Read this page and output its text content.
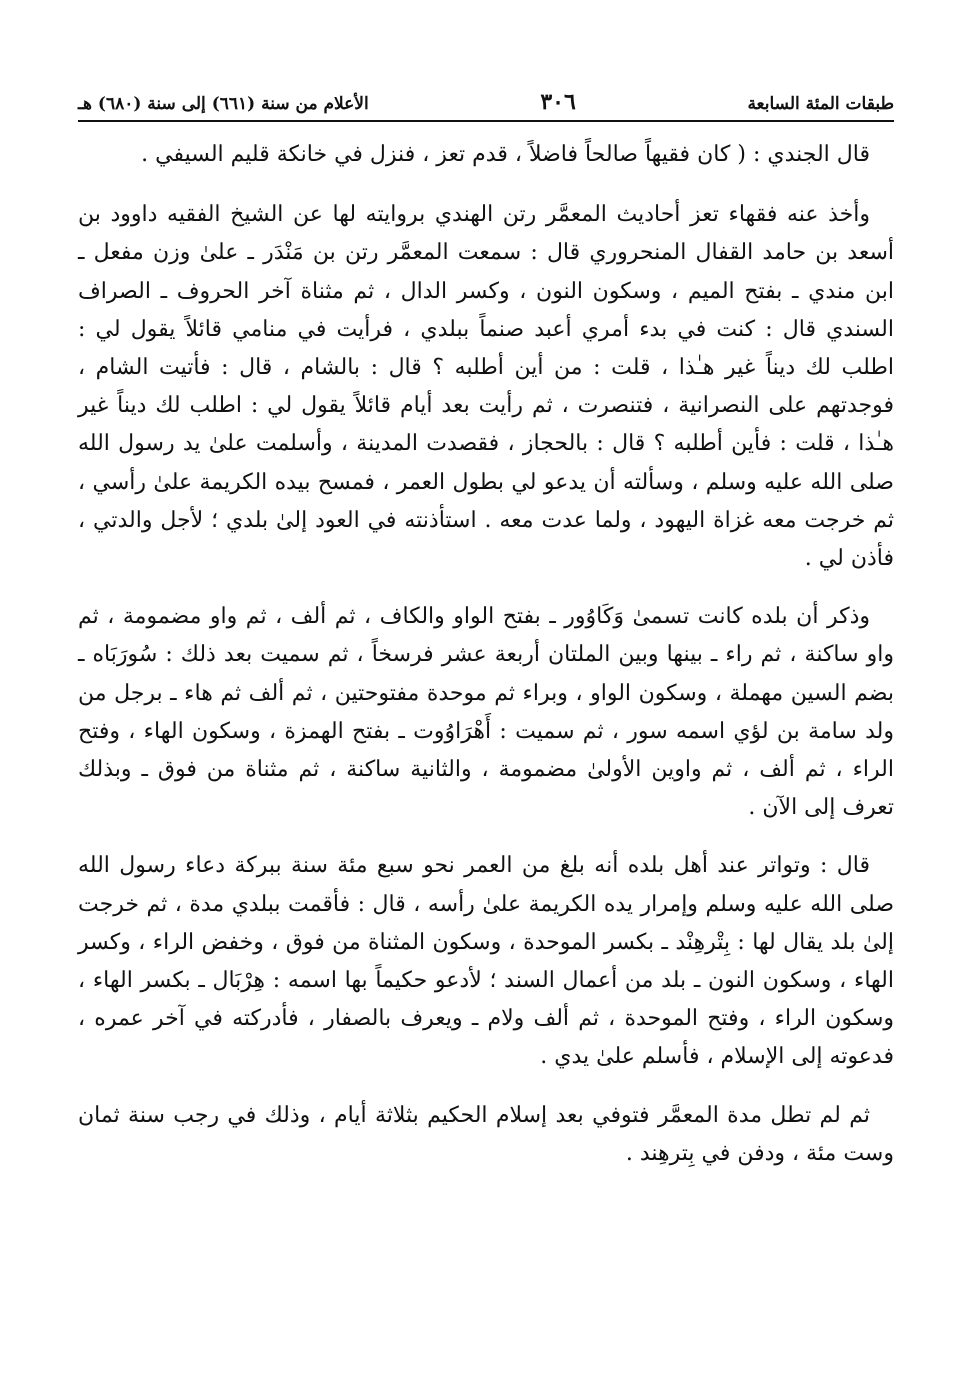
طبقات المئة السابعة
٣٠٦
الأعلام من سنة (٦٦١) إلى سنة (٦٨٠) هـ

قال الجندي : ( كان فقيهاً صالحاً فاضلاً ، قدم تعز ، فنزل في خانكة قليم السيفي .

وأخذ عنه فقهاء تعز أحاديث المعمَّر رتن الهندي بروايته لها عن الشيخ الفقيه داوود بن أسعد بن حامد القفال المنحروري قال : سمعت المعمَّر رتن بن مَنْدَر ـ علىٰ وزن مفعل ـ ابن مندي ـ بفتح الميم ، وسكون النون ، وكسر الدال ، ثم مثناة آخر الحروف ـ الصراف السندي قال : كنت في بدء أمري أعبد صنماً ببلدي ، فرأيت في منامي قائلاً يقول لي : اطلب لك ديناً غير هـٰذا ، قلت : من أين أطلبه ؟ قال : بالشام ، قال : فأتيت الشام ، فوجدتهم على النصرانية ، فتنصرت ، ثم رأيت بعد أيام قائلاً يقول لي : اطلب لك ديناً غير هـٰذا ، قلت : فأين أطلبه ؟ قال : بالحجاز ، فقصدت المدينة ، وأسلمت علىٰ يد رسول الله صلى الله عليه وسلم ، وسألته أن يدعو لي بطول العمر ، فمسح بيده الكريمة علىٰ رأسي ، ثم خرجت معه غزاة اليهود ، ولما عدت معه . استأذنته في العود إلىٰ بلدي ؛ لأجل والدتي ، فأذن لي .

وذكر أن بلده كانت تسمىٰ وَكَاوُور ـ بفتح الواو والكاف ، ثم ألف ، ثم واو مضمومة ، ثم واو ساكنة ، ثم راء ـ بينها وبين الملتان أربعة عشر فرسخاً ، ثم سميت بعد ذلك : سُورَبَاه ـ بضم السين مهملة ، وسكون الواو ، وبراء ثم موحدة مفتوحتين ، ثم ألف ثم هاء ـ برجل من ولد سامة بن لؤي اسمه سور ، ثم سميت : أَهْرَاوُوت ـ بفتح الهمزة ، وسكون الهاء ، وفتح الراء ، ثم ألف ، ثم واوين الأولىٰ مضمومة ، والثانية ساكنة ، ثم مثناة من فوق ـ وبذلك تعرف إلى الآن .

قال : وتواتر عند أهل بلده أنه بلغ من العمر نحو سبع مئة سنة ببركة دعاء رسول الله صلى الله عليه وسلم وإمرار يده الكريمة علىٰ رأسه ، قال : فأقمت ببلدي مدة ، ثم خرجت إلىٰ بلد يقال لها : بِتْرهِنْد ـ بكسر الموحدة ، وسكون المثناة من فوق ، وخفض الراء ، وكسر الهاء ، وسكون النون ـ بلد من أعمال السند ؛ لأدعو حكيماً بها اسمه : هِرْبَال ـ بكسر الهاء ، وسكون الراء ، وفتح الموحدة ، ثم ألف ولام ـ ويعرف بالصفار ، فأدركته في آخر عمره ، فدعوته إلى الإسلام ، فأسلم علىٰ يدي .

ثم لم تطل مدة المعمَّر فتوفي بعد إسلام الحكيم بثلاثة أيام ، وذلك في رجب سنة ثمان وست مئة ، ودفن في بِترهِند .
